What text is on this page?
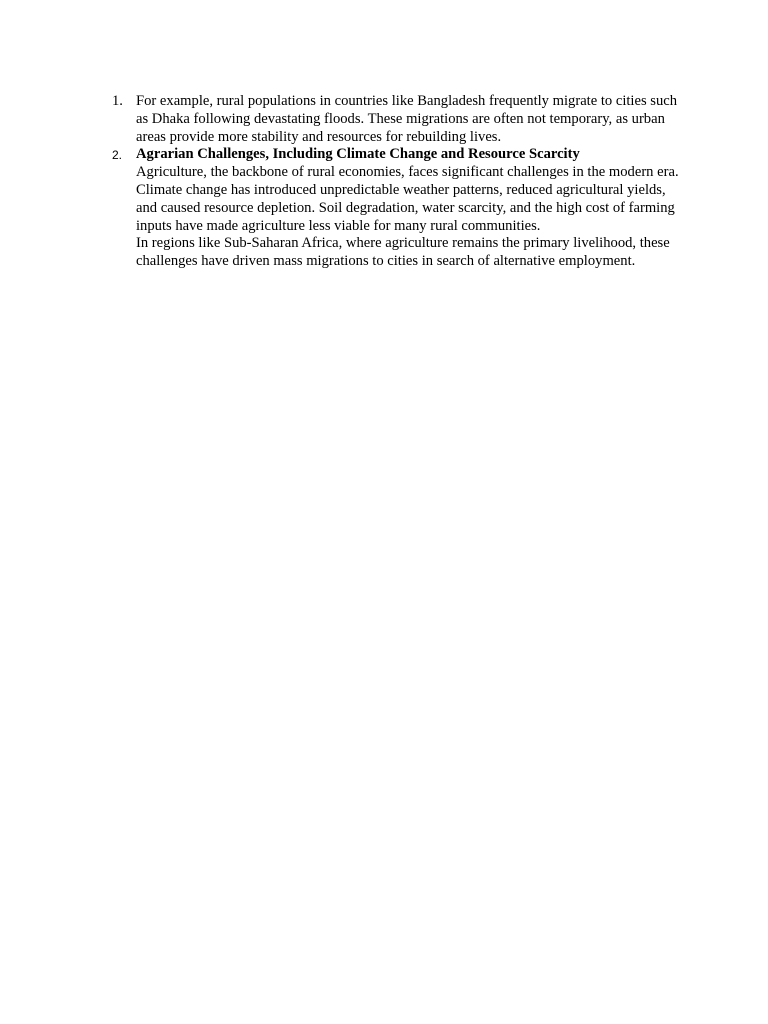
1. For example, rural populations in countries like Bangladesh frequently migrate to cities such as Dhaka following devastating floods. These migrations are often not temporary, as urban areas provide more stability and resources for rebuilding lives.

2. Agrarian Challenges, Including Climate Change and Resource Scarcity

Agriculture, the backbone of rural economies, faces significant challenges in the modern era. Climate change has introduced unpredictable weather patterns, reduced agricultural yields, and caused resource depletion. Soil degradation, water scarcity, and the high cost of farming inputs have made agriculture less viable for many rural communities.

In regions like Sub-Saharan Africa, where agriculture remains the primary livelihood, these challenges have driven mass migrations to cities in search of alternative employment.
